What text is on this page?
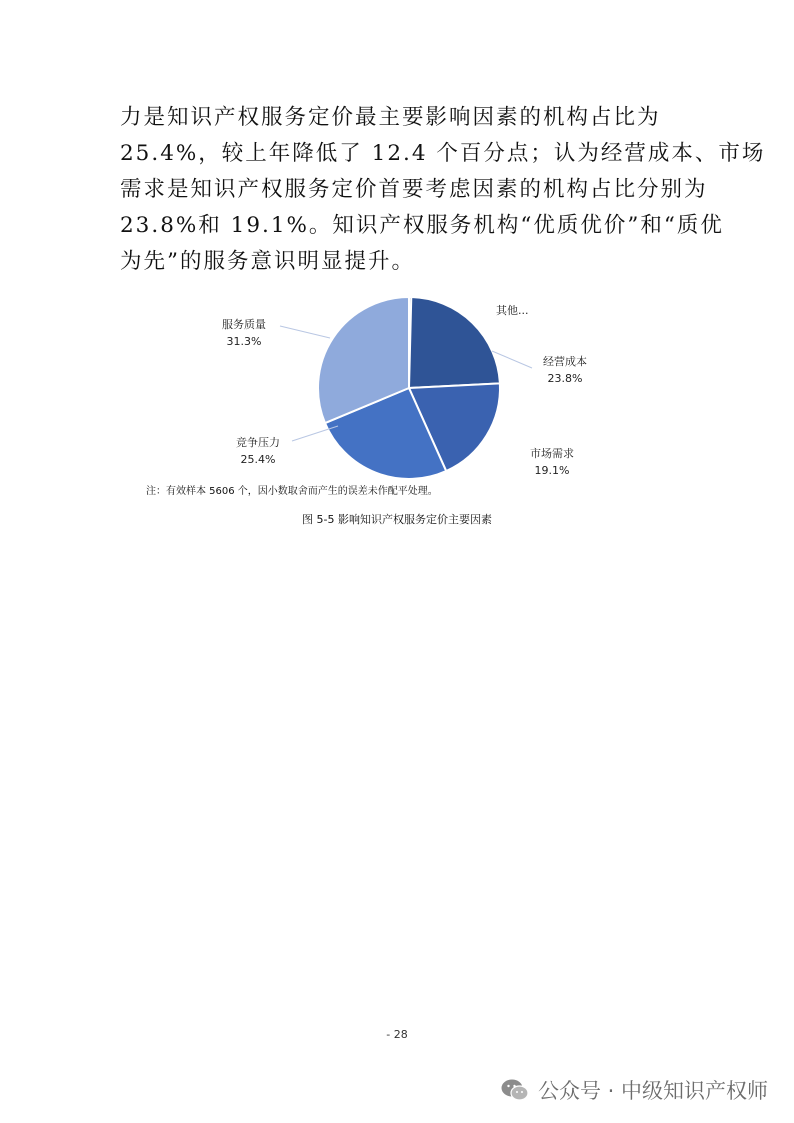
力是知识产权服务定价最主要影响因素的机构占比为
25.4%，较上年降低了 12.4 个百分点；认为经营成本、市场
需求是知识产权服务定价首要考虑因素的机构占比分别为
23.8%和 19.1%。知识产权服务机构“优质优价”和“质优
为先”的服务意识明显提升。
其他...
经营成本
23.8%
市场需求
19.1%
竞争压力
25.4%
服务质量
31.3%
注：有效样本 5606 个，因小数取舍而产生的误差未作配平处理。
图 5-5 影响知识产权服务定价主要因素
- 28
公众号 · 中级知识产权师
